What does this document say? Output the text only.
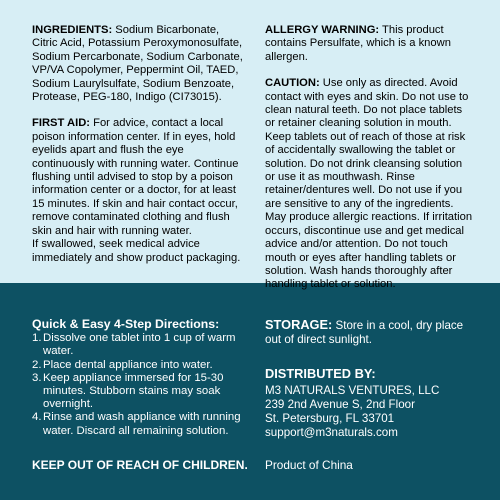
INGREDIENTS: Sodium Bicarbonate, Citric Acid, Potassium Peroxymonosulfate, Sodium Percarbonate, Sodium Carbonate, VP/VA Copolymer, Peppermint Oil, TAED, Sodium Laurylsulfate, Sodium Benzoate, Protease, PEG-180, Indigo (CI73015).

FIRST AID: For advice, contact a local poison information center. If in eyes, hold eyelids apart and flush the eye continuously with running water. Continue flushing until advised to stop by a poison information center or a doctor, for at least 15 minutes. If skin and hair contact occur, remove contaminated clothing and flush skin and hair with running water.

If swallowed, seek medical advice immediately and show product packaging.

ALLERGY WARNING: This product contains Persulfate, which is a known allergen.

CAUTION: Use only as directed. Avoid contact with eyes and skin. Do not use to clean natural teeth. Do not place tablets or retainer cleaning solution in mouth. Keep tablets out of reach of those at risk of accidentally swallowing the tablet or solution. Do not drink cleansing solution or use it as mouthwash. Rinse retainer/dentures well. Do not use if you are sensitive to any of the ingredients. May produce allergic reactions. If irritation occurs, discontinue use and get medical advice and/or attention. Do not touch mouth or eyes after handling tablets or solution. Wash hands thoroughly after handling tablet or solution.

Quick & Easy 4-Step Directions:
1. Dissolve one tablet into 1 cup of warm water.
2. Place dental appliance into water.
3. Keep appliance immersed for 15-30 minutes. Stubborn stains may soak overnight.
4. Rinse and wash appliance with running water. Discard all remaining solution.
KEEP OUT OF REACH OF CHILDREN.

STORAGE: Store in a cool, dry place out of direct sunlight.

DISTRIBUTED BY:

M3 NATURALS VENTURES, LLC

239 2nd Avenue S, 2nd Floor

St. Petersburg, FL 33701

support@m3naturals.com

Product of China
